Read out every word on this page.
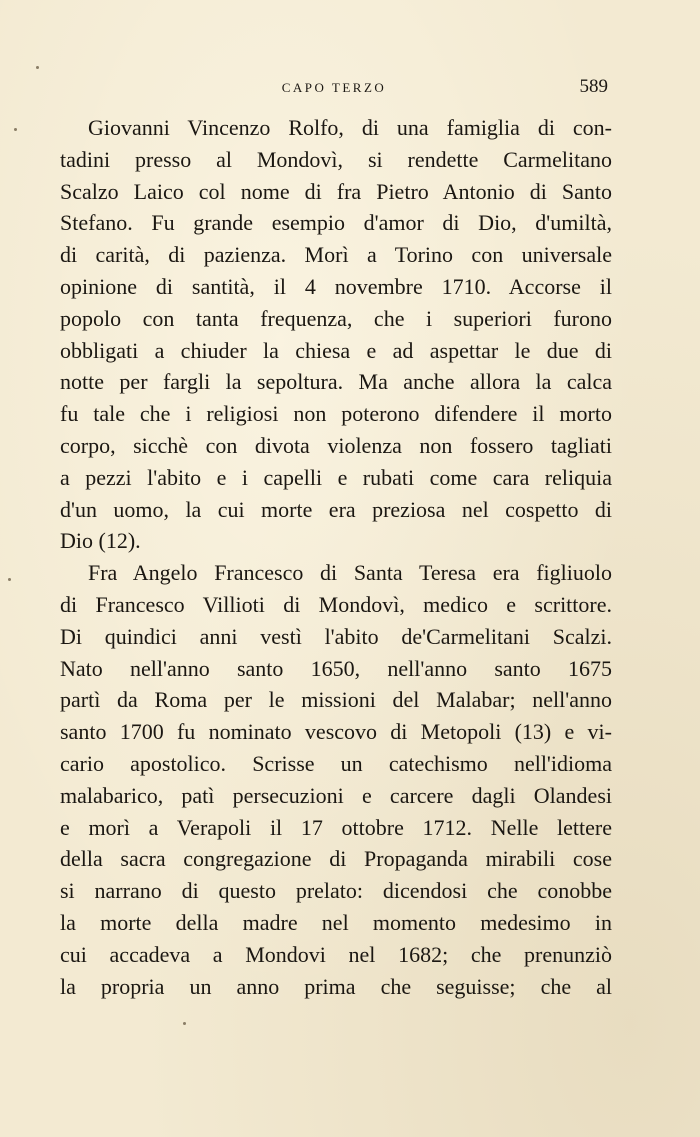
CAPO TERZO	589
Giovanni Vincenzo Rolfo, di una famiglia di con-
tadini presso al Mondovì, si rendette Carmelitano
Scalzo Laico col nome di fra Pietro Antonio di Santo
Stefano. Fu grande esempio d'amor di Dio, d'umiltà,
di carità, di pazienza. Morì a Torino con universale
opinione di santità, il 4 novembre 1710. Accorse il
popolo con tanta frequenza, che i superiori furono
obbligati a chiuder la chiesa e ad aspettar le due di
notte per fargli la sepoltura. Ma anche allora la calca
fu tale che i religiosi non poterono difendere il morto
corpo, sicchè con divota violenza non fossero tagliati
a pezzi l'abito e i capelli e rubati come cara reliquia
d'un uomo, la cui morte era preziosa nel cospetto di
Dio (12).
Fra Angelo Francesco di Santa Teresa era figliuolo
di Francesco Villioti di Mondovì, medico e scrittore.
Di quindici anni vestì l'abito de'Carmelitani Scalzi.
Nato nell'anno santo 1650, nell'anno santo 1675
partì da Roma per le missioni del Malabar; nell'anno
santo 1700 fu nominato vescovo di Metopoli (13) e vi-
cario apostolico. Scrisse un catechismo nell'idioma
malabarico, patì persecuzioni e carcere dagli Olandesi
e morì a Verapoli il 17 ottobre 1712. Nelle lettere
della sacra congregazione di Propaganda mirabili cose
si narrano di questo prelato: dicendosi che conobbe
la morte della madre nel momento medesimo in
cui accadeva a Mondovi nel 1682; che prenunziò
la propria un anno prima che seguisse; che al
